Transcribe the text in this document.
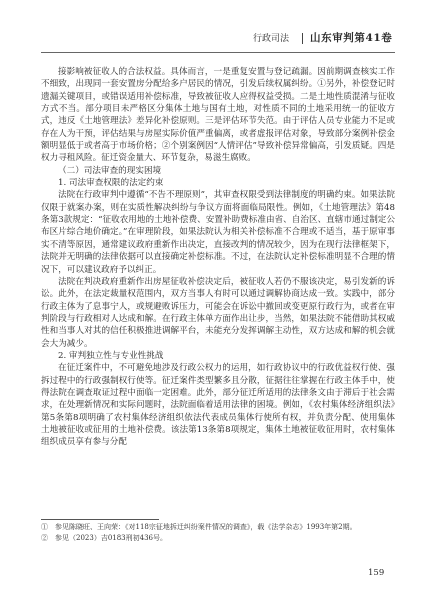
行政司法 山东审判第41卷

接影响被征收人的合法权益。具体而言，一是重复安置与登记疏漏。因前期调查核实工作不细致，出现同一套安置房分配给多户居民的情况，引发后续权属纠纷。①另外，补偿登记时遗漏关键项目，或错误适用补偿标准，导致被征收人应得权益受损。二是土地性质混淆与征收方式不当。部分项目未严格区分集体土地与国有土地，对性质不同的土地采用统一的征收方式，违反《土地管理法》差异化补偿原则。三是评估环节失范。由于评估人员专业能力不足或存在人为干预，评估结果与房屋实际价值严重偏离，或者虚报评估对象，导致部分案例补偿金额明显低于或者高于市场价格；②个别案例因“人情评估”导致补偿异常偏高，引发质疑。四是权力寻租风险。征迁资金量大、环节复杂，易滋生腐败。

（二）司法审查的现实困境

1. 司法审查权限的法定约束

法院在行政审判中遵循“不告不理原则”，其审查权限受到法律制度的明确约束。如果法院仅限于就案办案，则在实质性解决纠纷与争议方面将面临局限性。例如，《土地管理法》第48条第3款规定：“征收农用地的土地补偿费、安置补助费标准由省、自治区、直辖市通过制定公布区片综合地价确定。”在审理阶段，如果法院认为相关补偿标准不合理或不适当，基于原审事实不清等原因，通常建议政府重新作出决定，直接改判的情况较少，因为在现行法律框架下，法院并无明确的法律依据可以直接确定补偿标准。不过，在法院认定补偿标准明显不合理的情况下，可以建议政府予以纠正。

法院在判决政府重新作出房屋征收补偿决定后，被征收人若仍不服该决定，易引发新的诉讼。此外，在法定裁量权范围内，双方当事人有时可以通过调解协商达成一致。实践中，部分行政主体为了息事宁人，或规避败诉压力，可能会在诉讼中撤回或变更原行政行为，或者在审判阶段与行政相对人达成和解。在行政主体单方面作出让步，当然，如果法院不能借助其权威性和当事人对其的信任积极推进调解平台，未能充分发挥调解主动性，双方达成和解的机会就会大为减少。

2. 审判独立性与专业性挑战

在征迁案件中，不可避免地涉及行政公权力的运用，如行政协议中的行政优益权行使、强拆过程中的行政强制权行使等。征迁案件类型繁多且分散，征据往往掌握在行政主体手中，使得法院在调查取证过程中面临一定困难。此外，部分征迁所适用的法律条文由于滞后于社会需求，在处理新情况和实际问题时，法院面临着适用法律的困境。例如，《农村集体经济组织法》第5条第8项明确了农村集体经济组织依法代表成员集体行使所有权，并负责分配、使用集体土地被征收或征用的土地补偿费。该法第13条第8项规定，集体土地被征收征用时，农村集体组织成员享有参与分配

①　参见陈晓旺、王向荣：《对118宗征地拆迁纠纷案件情况的调查》，载《法学杂志》1993年第2期。

②　参见（2023）吉0183刑初436号。

159
